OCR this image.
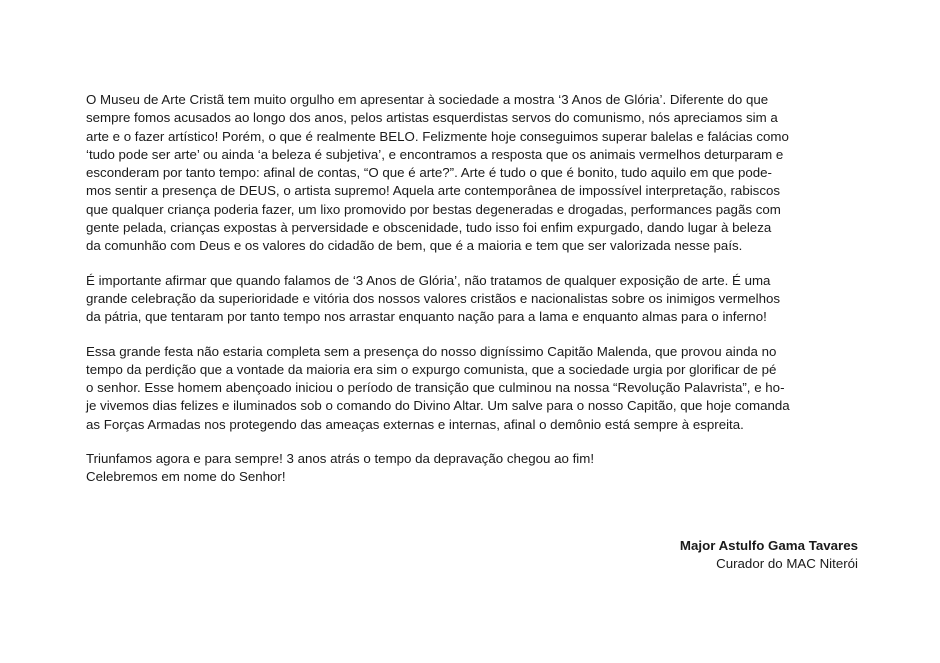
O Museu de Arte Cristã tem muito orgulho em apresentar à sociedade a mostra ‘3 Anos de Glória’. Diferente do que
sempre fomos acusados ao longo dos anos, pelos artistas esquerdistas servos do comunismo, nós apreciamos sim a
arte e o fazer artístico! Porém, o que é realmente BELO. Felizmente hoje conseguimos superar balelas e falácias como
‘tudo pode ser arte’ ou ainda ‘a beleza é subjetiva’, e encontramos a resposta que os animais vermelhos deturparam e
esconderam por tanto tempo: afinal de contas, “O que é arte?”. Arte é tudo o que é bonito, tudo aquilo em que pode-
mos sentir a presença de DEUS, o artista supremo! Aquela arte contemporânea de impossível interpretação, rabiscos
que qualquer criança poderia fazer, um lixo promovido por bestas degeneradas e drogadas, performances pagãs com
gente pelada, crianças expostas à perversidade e obscenidade, tudo isso foi enfim expurgado, dando lugar à beleza
da comunhão com Deus e os valores do cidadão de bem, que é a maioria e tem que ser valorizada nesse país.

É importante afirmar que quando falamos de ‘3 Anos de Glória’, não tratamos de qualquer exposição de arte. É uma
grande celebração da superioridade e vitória dos nossos valores cristãos e nacionalistas sobre os inimigos vermelhos
da pátria, que tentaram por tanto tempo nos arrastar enquanto nação para a lama e enquanto almas para o inferno!

Essa grande festa não estaria completa sem a presença do nosso digníssimo Capitão Malenda, que provou ainda no
tempo da perdição que a vontade da maioria era sim o expurgo comunista, que a sociedade urgia por glorificar de pé
o senhor. Esse homem abençoado iniciou o período de transição que culminou na nossa “Revolução Palavrista”, e ho-
je vivemos dias felizes e iluminados sob o comando do Divino Altar. Um salve para o nosso Capitão, que hoje comanda
as Forças Armadas nos protegendo das ameaças externas e internas, afinal o demônio está sempre à espreita.

Triunfamos agora e para sempre! 3 anos atrás o tempo da depravação chegou ao fim!
Celebremos em nome do Senhor!

Major Astulfo Gama Tavares
Curador do MAC Niterói
